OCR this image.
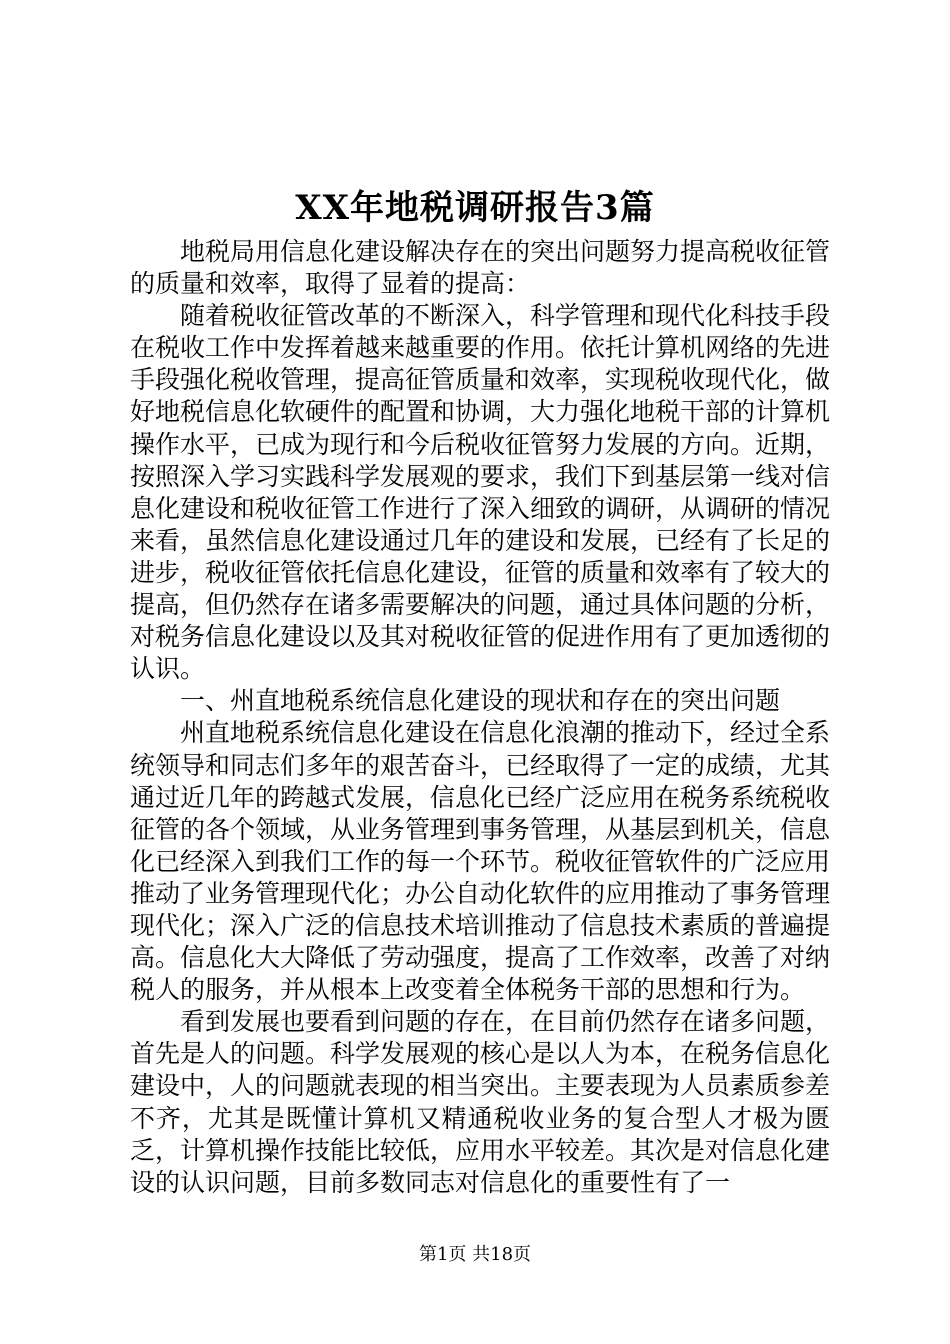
XX年地税调研报告3篇

地税局用信息化建设解决存在的突出问题努力提高税收征管的质量和效率，取得了显着的提高：

随着税收征管改革的不断深入，科学管理和现代化科技手段在税收工作中发挥着越来越重要的作用。依托计算机网络的先进手段强化税收管理，提高征管质量和效率，实现税收现代化，做好地税信息化软硬件的配置和协调，大力强化地税干部的计算机操作水平，已成为现行和今后税收征管努力发展的方向。近期，按照深入学习实践科学发展观的要求，我们下到基层第一线对信息化建设和税收征管工作进行了深入细致的调研，从调研的情况来看，虽然信息化建设通过几年的建设和发展，已经有了长足的进步，税收征管依托信息化建设，征管的质量和效率有了较大的提高，但仍然存在诸多需要解决的问题，通过具体问题的分析，对税务信息化建设以及其对税收征管的促进作用有了更加透彻的认识。

一、州直地税系统信息化建设的现状和存在的突出问题

州直地税系统信息化建设在信息化浪潮的推动下，经过全系统领导和同志们多年的艰苦奋斗，已经取得了一定的成绩，尤其通过近几年的跨越式发展，信息化已经广泛应用在税务系统税收征管的各个领域，从业务管理到事务管理，从基层到机关，信息化已经深入到我们工作的每一个环节。税收征管软件的广泛应用推动了业务管理现代化；办公自动化软件的应用推动了事务管理现代化；深入广泛的信息技术培训推动了信息技术素质的普遍提高。信息化大大降低了劳动强度，提高了工作效率，改善了对纳税人的服务，并从根本上改变着全体税务干部的思想和行为。

看到发展也要看到问题的存在，在目前仍然存在诸多问题，首先是人的问题。科学发展观的核心是以人为本，在税务信息化建设中，人的问题就表现的相当突出。主要表现为人员素质参差不齐，尤其是既懂计算机又精通税收业务的复合型人才极为匮乏，计算机操作技能比较低，应用水平较差。其次是对信息化建设的认识问题，目前多数同志对信息化的重要性有了一

第1页 共18页
